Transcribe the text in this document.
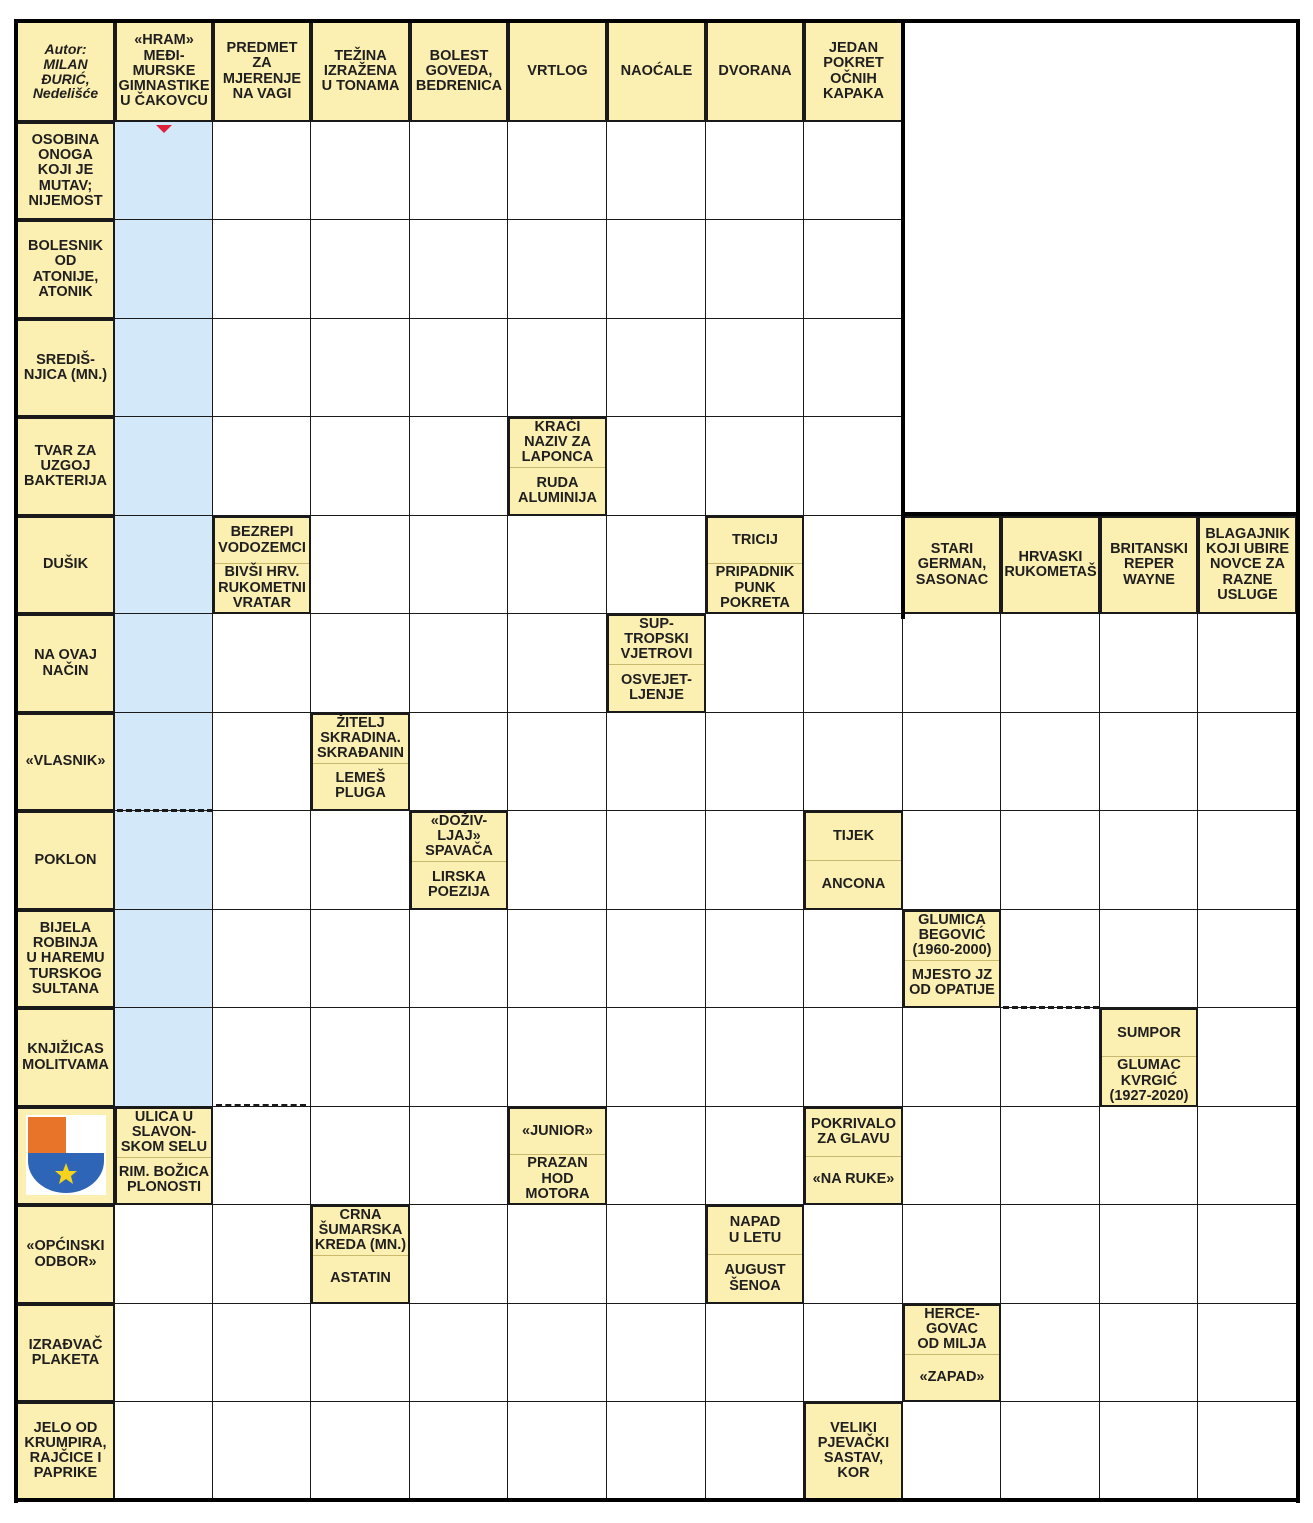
Autor:
MILAN
ĐURIĆ,
Nedelišće
«HRAM»
MEĐI-
MURSKE
GIMNASTIKE
U ČAKOVCU
PREDMET
ZA
MJERENJE
NA VAGI
TEŽINA
IZRAŽENA
U TONAMA
BOLEST
GOVEDA,
BEDRENICA
VRTLOG NAOĆALE DVORANA
JEDAN
POKRET
OČNIH
KAPAKA
STARI
GERMAN,
SASONAC
HRVASKI
RUKOMETAŠ
BRITANSKI
REPER
WAYNE
BLAGAJNIK
KOJI UBIRE
NOVCE ZA
RAZNE
USLUGE
OSOBINA
ONOGA
KOJI JE
MUTAV;
NIJEMOST
BOLESNIK
OD
ATONIJE,
ATONIK
SREDIŠ-
NJICA (MN.)
TVAR ZA
UZGOJ
BAKTERIJA
DUŠIK
NA OVAJ
NAČIN
«VLASNIK»
POKLON
BIJELA
ROBINJA
U HAREMU
TURSKOG
SULTANA
KNJIŽICAS
MOLITVAMA
«OPĆINSKI
ODBOR»
IZRAĐVAČ
PLAKETA
JELO OD
KRUMPIRA,
RAJČICE I
PAPRIKE
KRAĆI
NAZIV ZA
LAPONCA
RUDA
ALUMINIJA
BEZREPI
VODOZEMCI
BIVŠI HRV.
RUKOMETNI
VRATAR
TRICIJ
PRIPADNIK
PUNK
POKRETA
SUP-
TROPSKI
VJETROVI
OSVEJET-
LJENJE
ŽITELJ
SKRADINA.
SKRAĐANIN
LEMEŠ
PLUGA
«DOŽIV-
LJAJ»
SPAVAČA
LIRSKA
POEZIJA
TIJEK
ANCONA
GLUMICA
BEGOVIĆ
(1960-2000)
MJESTO JZ
OD OPATIJE
SUMPOR
GLUMAC
KVRGIĆ
(1927-2020)
ULICA U
SLAVON-
SKOM SELU
RIM. BOŽICA
PLONOSTI
«JUNIOR»
PRAZAN
HOD
MOTORA
POKRIVALO
ZA GLAVU
«NA RUKE»
CRNA
ŠUMARSKA
KREDA (MN.)
ASTATIN
NAPAD
U LETU
AUGUST
ŠENOA
HERCE-
GOVAC
OD MILJA
«ZAPAD»
VELIKI
PJEVAČKI
SASTAV,
KOR
